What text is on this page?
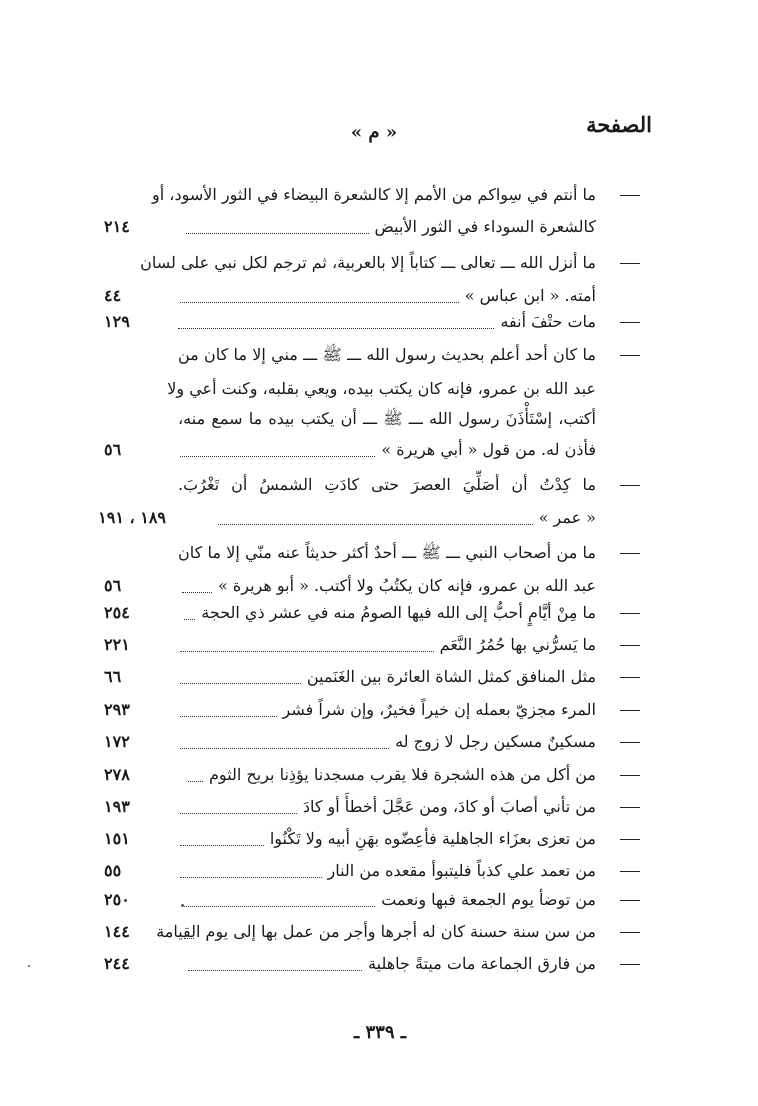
الصفحة
« م »
ما أنتم في سِواكم من الأمم إلا كالشعرة البيضاء في الثور الأسود، أو
كالشعرة السوداء في الثور الأبيض
٢١٤
ما أنزل الله ـــ تعالى ـــ كتاباً إلا بالعربية، ثم ترجم لكل نبي على لسان
أمته. « ابن عباس »
٤٤
مات حتْفَ أنفه
١٢٩
ما كان أحد أعلم بحديث رسول الله ـــ ﷺ ـــ مني إلا ما كان من
عبد الله بن عمرو، فإنه كان يكتب بيده، ويعي بقلبه، وكنت أعي ولا
أكتب، إسْتَأْذَنَ رسول الله ـــ ﷺ ـــ أن يكتب بيده ما سمع منه،
فأذن له. من قول « أبي هريرة »
٥٦
ما كِدْتُ أن أصَلِّيَ العصرَ حتى كادَتِ الشمسُ أن تَغْرُبَ.
« عمر »
١٨٩ ، ١٩١
ما من أصحاب النبي ـــ ﷺ ـــ أحدٌ أكثر حديثاً عنه منّي إلا ما كان
عبد الله بن عمرو، فإنه كان يكتُبُ ولا أكتب. « أبو هريرة »
٥٦
ما مِنْ أيَّامٍ أحبُّ إلى الله فيها الصومُ منه في عشر ذي الحجة
٢٥٤
ما يَسرُّني بها حُمُرُ النَّعَم
٢٢١
مثل المنافق كمثل الشاة العائرة بين الغَنَمين
٦٦
المرء مجزيّ بعمله إن خيراً فخيرٌ، وإن شراً فشر
٢٩٣
مسكينٌ مسكين رجل لا زوج له
١٧٢
من أكل من هذه الشجرة فلا يقرب مسجدنا يؤذِنا بريح الثوم
٢٧٨
من تأني أصابَ أو كادَ، ومن عَجَّلَ أخطأَ أو كادَ
١٩٣
من تعزى بعزَاء الجاهلية فأعِضّوه بهَنِ أبيه ولا تَكْنُوا
١٥١
من تعمد علي كذباً فليتبوأ مقعده من النار
٥٥
من توضأ يوم الجمعة فبها ونعمت
٢٥٠
من سن سنة حسنة كان له أجرها وأجر من عمل بها إلى يوم القيامة
١٤٤
من فارق الجماعة مات ميتةً جاهلية
٢٤٤
ـ ٣٣٩ ـ
